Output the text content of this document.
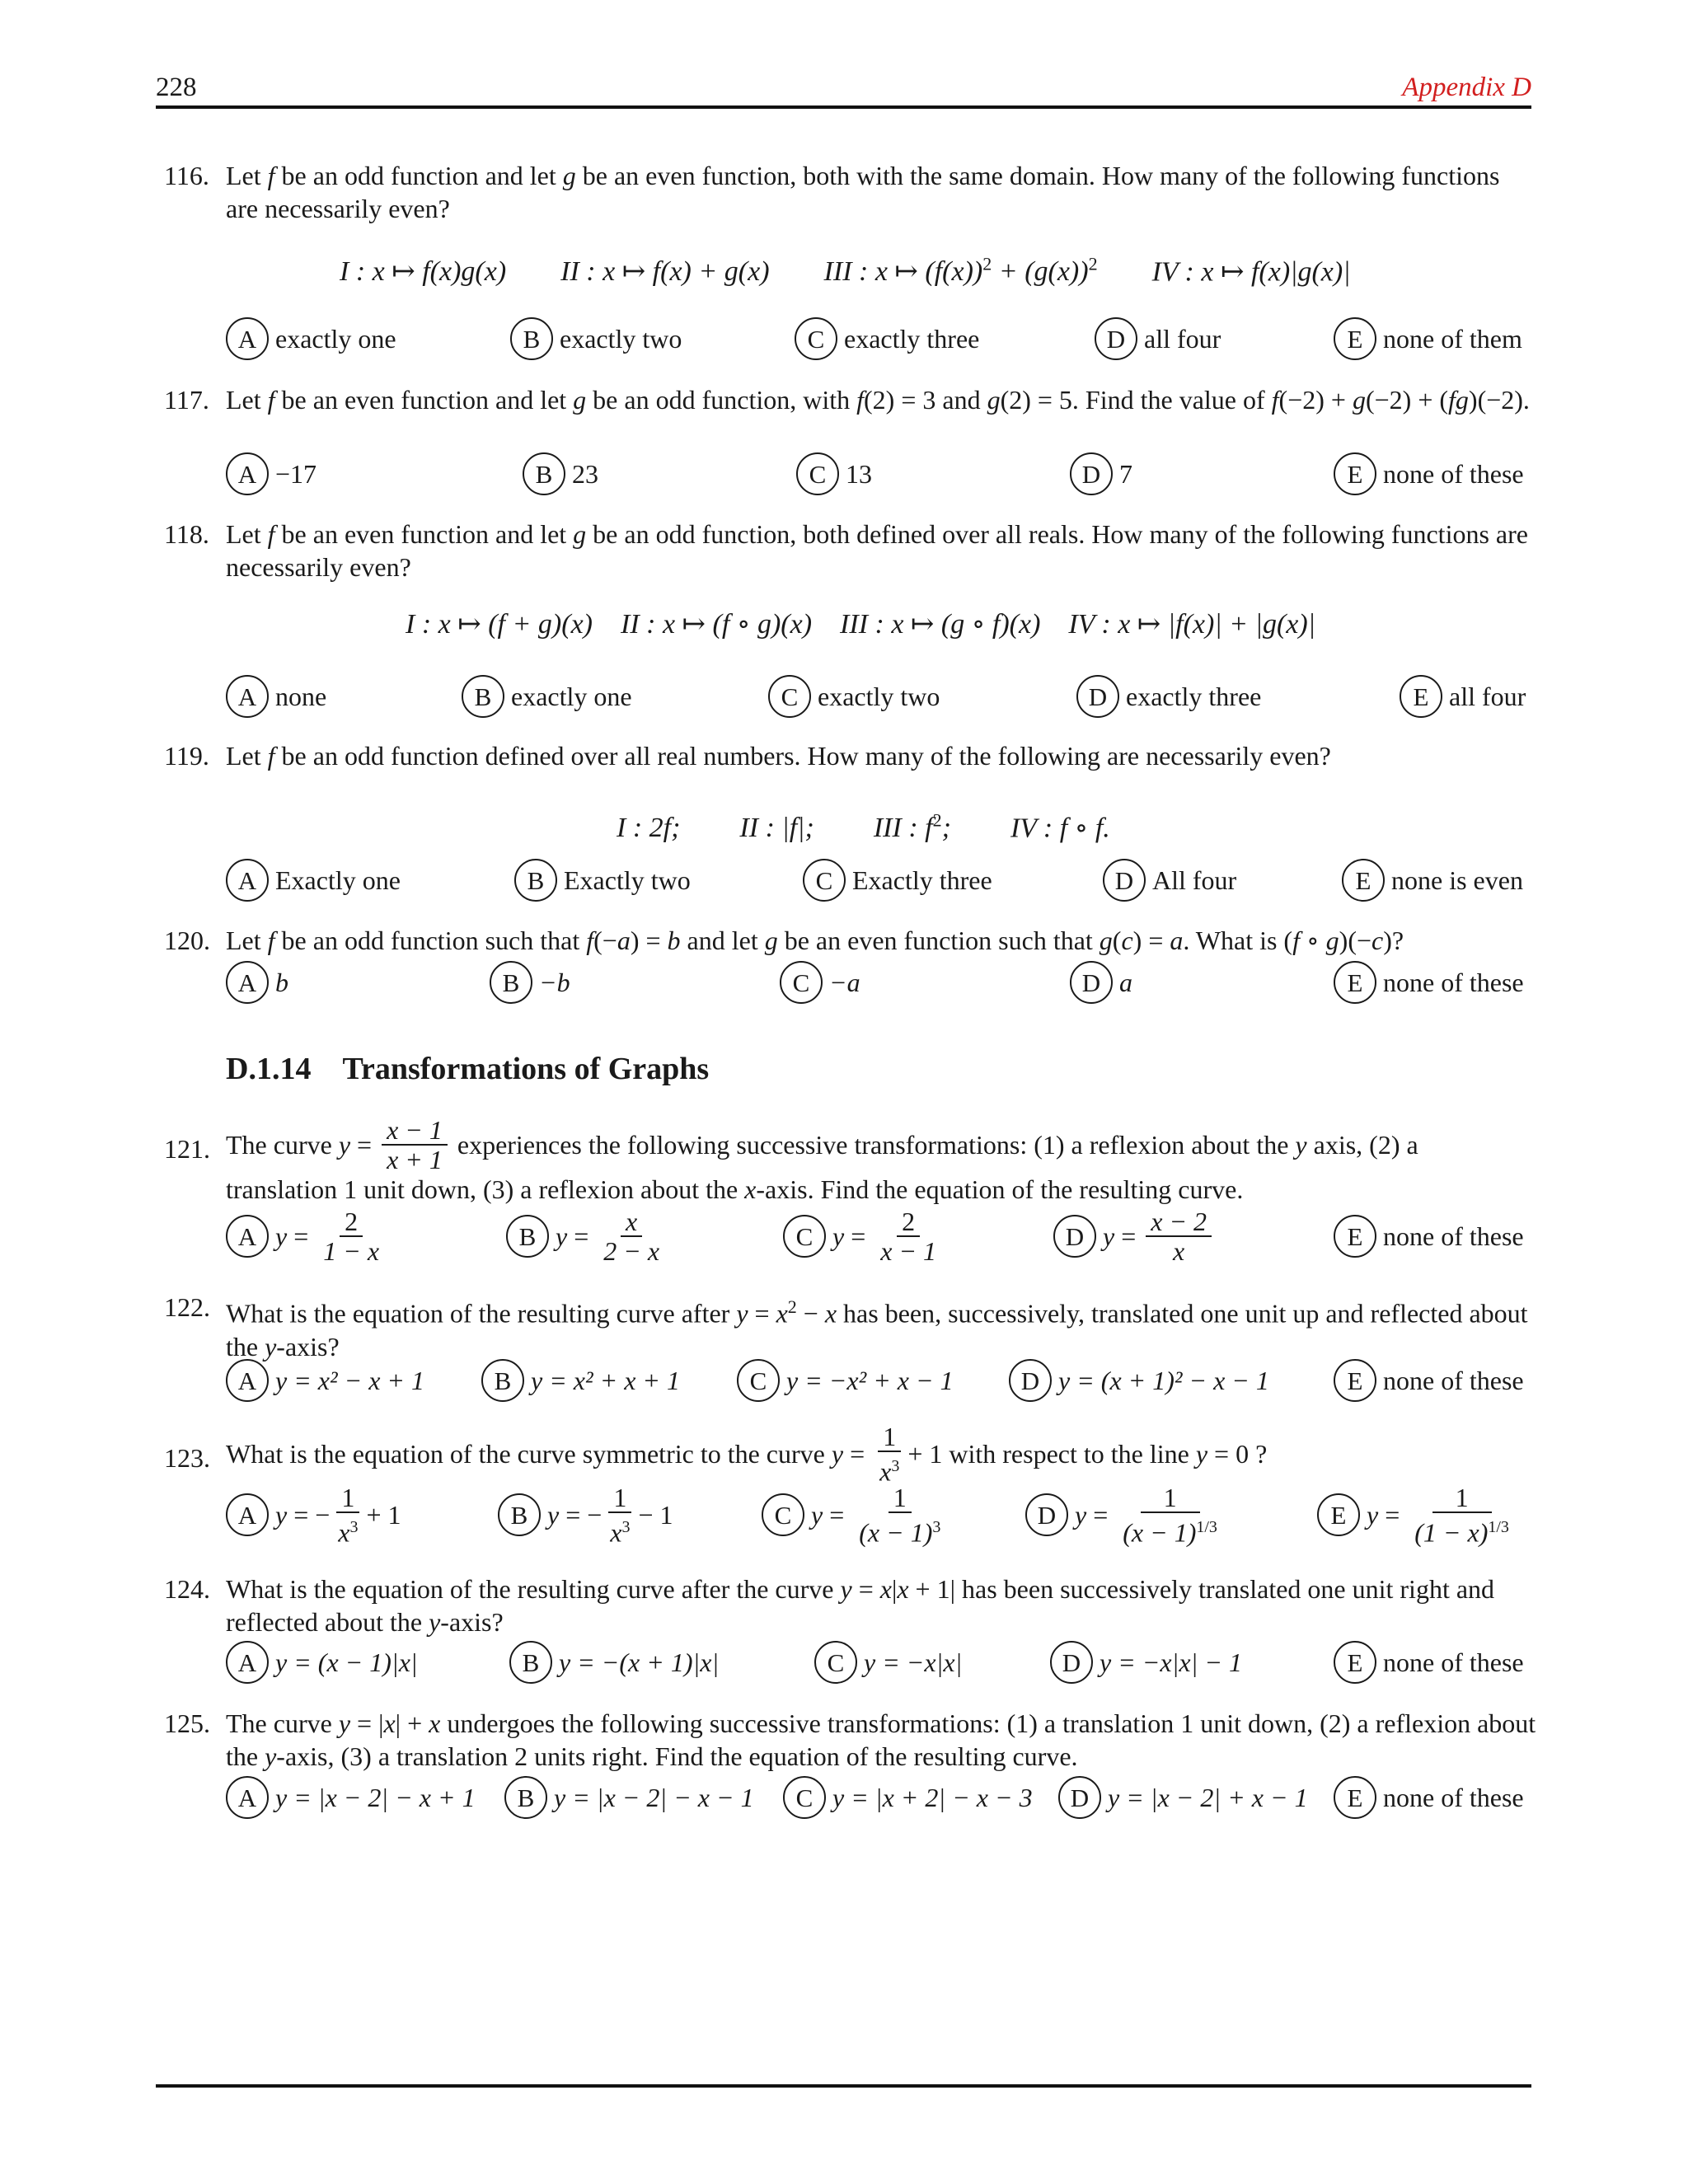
228	Appendix D
116. Let f be an odd function and let g be an even function, both with the same domain. How many of the following functions are necessarily even?
I : x ↦ f(x)g(x) II : x ↦ f(x) + g(x) III : x ↦ $(f(x))^2 + (g(x))^2$ IV : x ↦ f(x)|g(x)|
A exactly one	B exactly two	C exactly three	D all four	E none of them
117. Let f be an even function and let g be an odd function, with f(2) = 3 and g(2) = 5. Find the value of f(−2) + g(−2) + (fg)(−2).
A −17	B 23	C 13	D 7	E none of these
118. Let f be an even function and let g be an odd function, both defined over all reals. How many of the following functions are necessarily even?
I : x ↦ (f + g)(x) II : x ↦ (f ∘ g)(x) III : x ↦ (g ∘ f)(x) IV : x ↦ |f(x)| + |g(x)|
A none	B exactly one	C exactly two	D exactly three	E all four
119. Let f be an odd function defined over all real numbers. How many of the following are necessarily even?
I : 2f; II : |f|; III : $f^2$; IV : f ∘ f.
A Exactly one	B Exactly two	C Exactly three	D All four	E none is even
120. Let f be an odd function such that f(−a) = b and let g be an even function such that g(c) = a. What is (f ∘ g)(−c)?
A b	B −b	C −a	D a	E none of these
D.1.14 Transformations of Graphs
121. The curve $y = \frac{x - 1}{x + 1}$ experiences the following successive transformations: (1) a reflexion about the y axis, (2) a
translation 1 unit down, (3) a reflexion about the x-axis. Find the equation of the resulting curve.
A $y = \frac{2}{1 - x}$	B $y = \frac{x}{2 - x}$	C $y = \frac{2}{x - 1}$	D $y = \frac{x - 2}{x}$	E none of these
122. What is the equation of the resulting curve after $y = x^2 - x$ has been, successively, translated one unit up and reflected about the y-axis?
A y = x² − x + 1	B y = x² + x + 1	C y = −x² + x − 1	D y = (x + 1)² − x − 1	E none of these
123. What is the equation of the curve symmetric to the curve $y = \frac{1}{x^3} + 1$ with respect to the line y = 0 ?
A y = − $\frac{1}{x^3} + 1$	B y = − $\frac{1}{x^3} - 1$	C $y = \frac{1}{(x - 1)^3}$	D $y = \frac{1}{(x - 1)^{1/3}}$	E $y = \frac{1}{(1 - x)^{1/3}}$
124. What is the equation of the resulting curve after the curve y = x|x + 1| has been successively translated one unit right and reflected about the y-axis?
A y = (x − 1)|x|	B y = −(x + 1)|x|	C y = −x|x|	D y = −x|x| − 1	E none of these
125. The curve y = |x| + x undergoes the following successive transformations: (1) a translation 1 unit down, (2) a reflexion about the y-axis, (3) a translation 2 units right. Find the equation of the resulting curve.
A y = |x − 2| − x + 1	B y = |x − 2| − x − 1	C y = |x + 2| − x − 3	D y = |x − 2| + x − 1	E none of these
